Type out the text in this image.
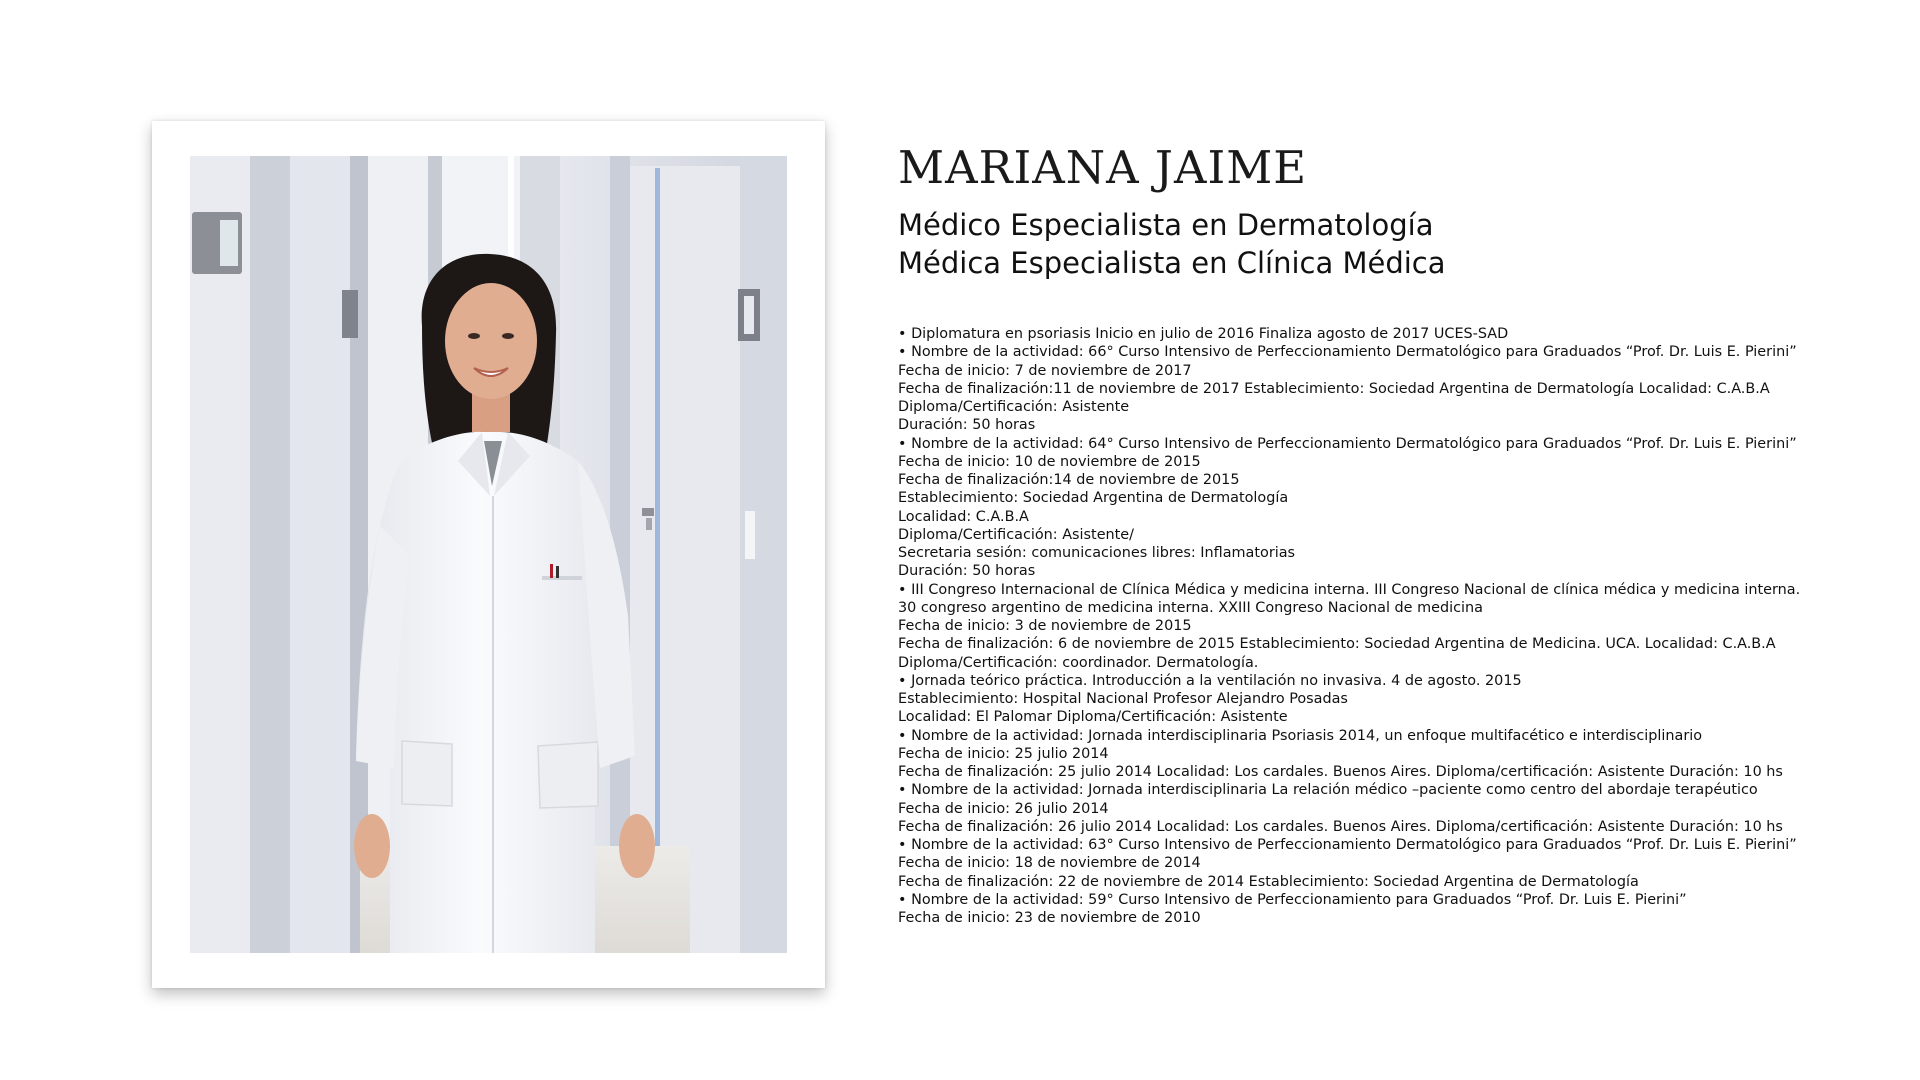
MARIANA JAIME

Médico Especialista en Dermatología

Médica Especialista en Clínica Médica

• Diplomatura en psoriasis Inicio en julio de 2016 Finaliza agosto de 2017 UCES-SAD
• Nombre de la actividad: 66° Curso Intensivo de Perfeccionamiento Dermatológico para Graduados “Prof. Dr. Luis E. Pierini”
Fecha de inicio: 7 de noviembre de 2017
Fecha de finalización:11 de noviembre de 2017 Establecimiento: Sociedad Argentina de Dermatología Localidad: C.A.B.A
Diploma/Certificación: Asistente
Duración: 50 horas
• Nombre de la actividad: 64° Curso Intensivo de Perfeccionamiento Dermatológico para Graduados “Prof. Dr. Luis E. Pierini”
Fecha de inicio: 10 de noviembre de 2015
Fecha de finalización:14 de noviembre de 2015
Establecimiento: Sociedad Argentina de Dermatología
Localidad: C.A.B.A
Diploma/Certificación: Asistente/
Secretaria sesión: comunicaciones libres: Inflamatorias
Duración: 50 horas
• III Congreso Internacional de Clínica Médica y medicina interna. III Congreso Nacional de clínica médica y medicina interna.
30 congreso argentino de medicina interna. XXIII Congreso Nacional de medicina
Fecha de inicio: 3 de noviembre de 2015
Fecha de finalización: 6 de noviembre de 2015 Establecimiento: Sociedad Argentina de Medicina. UCA. Localidad: C.A.B.A
Diploma/Certificación: coordinador. Dermatología.
• Jornada teórico práctica. Introducción a la ventilación no invasiva. 4 de agosto. 2015
Establecimiento: Hospital Nacional Profesor Alejandro Posadas
Localidad: El Palomar Diploma/Certificación: Asistente
• Nombre de la actividad: Jornada interdisciplinaria Psoriasis 2014, un enfoque multifacético e interdisciplinario
Fecha de inicio: 25 julio 2014
Fecha de finalización: 25 julio 2014 Localidad: Los cardales. Buenos Aires. Diploma/certificación: Asistente Duración: 10 hs
• Nombre de la actividad: Jornada interdisciplinaria La relación médico –paciente como centro del abordaje terapéutico
Fecha de inicio: 26 julio 2014
Fecha de finalización: 26 julio 2014 Localidad: Los cardales. Buenos Aires. Diploma/certificación: Asistente Duración: 10 hs
• Nombre de la actividad: 63° Curso Intensivo de Perfeccionamiento Dermatológico para Graduados “Prof. Dr. Luis E. Pierini”
Fecha de inicio: 18 de noviembre de 2014
Fecha de finalización: 22 de noviembre de 2014 Establecimiento: Sociedad Argentina de Dermatología
• Nombre de la actividad: 59° Curso Intensivo de Perfeccionamiento para Graduados “Prof. Dr. Luis E. Pierini”
Fecha de inicio: 23 de noviembre de 2010
